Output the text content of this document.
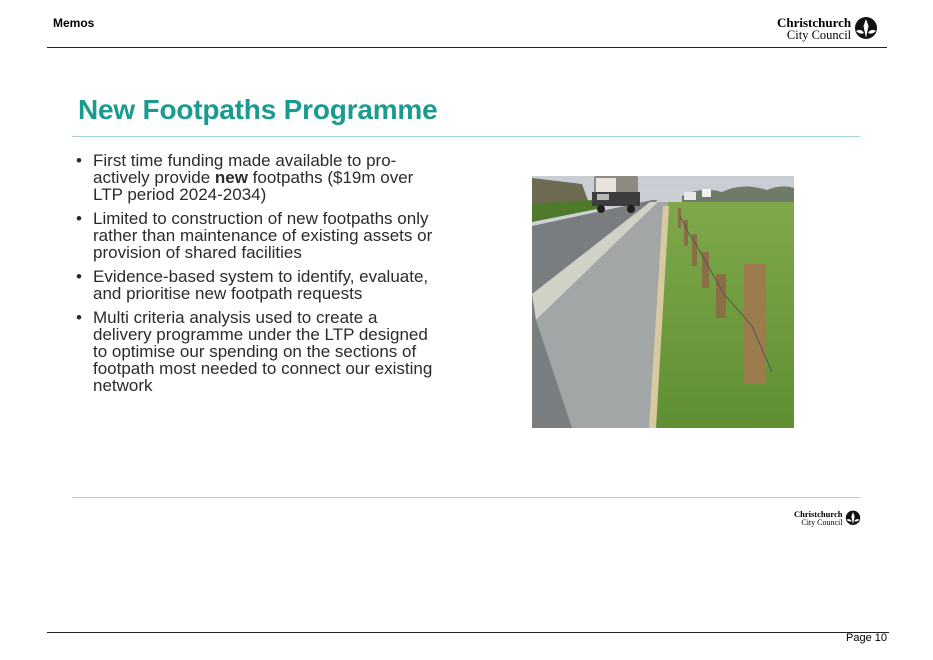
Memos	Christchurch
City Council
New Footpaths Programme
• First time funding made available to pro-actively provide new footpaths ($19m over LTP period 2024-2034)
• Limited to construction of new footpaths only rather than maintenance of existing assets or provision of shared facilities
• Evidence-based system to identify, evaluate, and prioritise new footpath requests
• Multi criteria analysis used to create a delivery programme under the LTP designed to optimise our spending on the sections of footpath most needed to connect our existing network
Christchurch
City Council
Page 10
